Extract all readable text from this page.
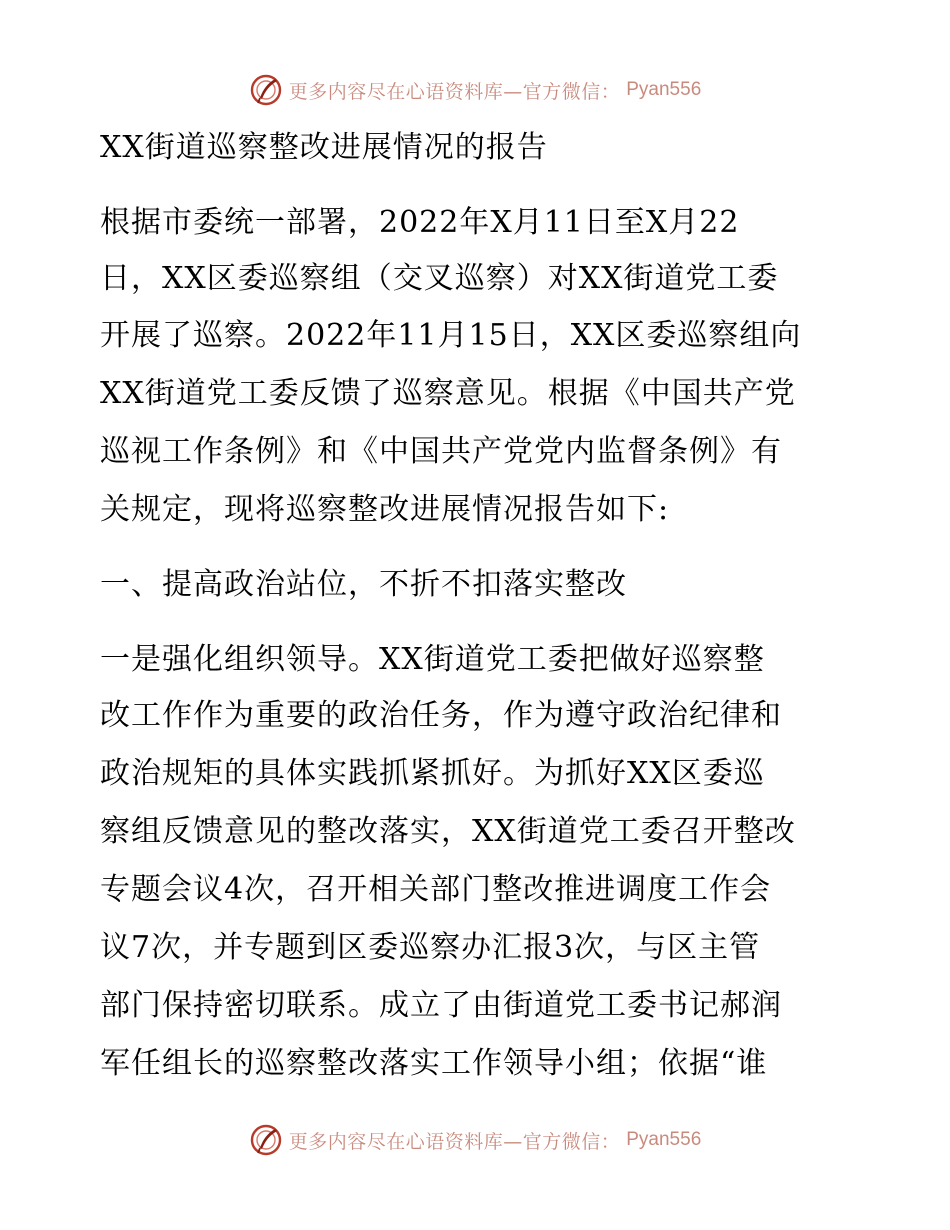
更多内容尽在心语资料库—官方微信： Pyan556
XX街道巡察整改进展情况的报告
根据市委统一部署，2022年X月11日至X月22
日，XX区委巡察组（交叉巡察）对XX街道党工委
开展了巡察。2022年11月15日，XX区委巡察组向
XX街道党工委反馈了巡察意见。根据《中国共产党
巡视工作条例》和《中国共产党党内监督条例》有
关规定，现将巡察整改进展情况报告如下:
一、提高政治站位，不折不扣落实整改
一是强化组织领导。XX街道党工委把做好巡察整
改工作作为重要的政治任务，作为遵守政治纪律和
政治规矩的具体实践抓紧抓好。为抓好XX区委巡
察组反馈意见的整改落实，XX街道党工委召开整改
专题会议4次，召开相关部门整改推进调度工作会
议7次，并专题到区委巡察办汇报3次，与区主管
部门保持密切联系。成立了由街道党工委书记郝润
军任组长的巡察整改落实工作领导小组；依据“谁
更多内容尽在心语资料库—官方微信： Pyan556
